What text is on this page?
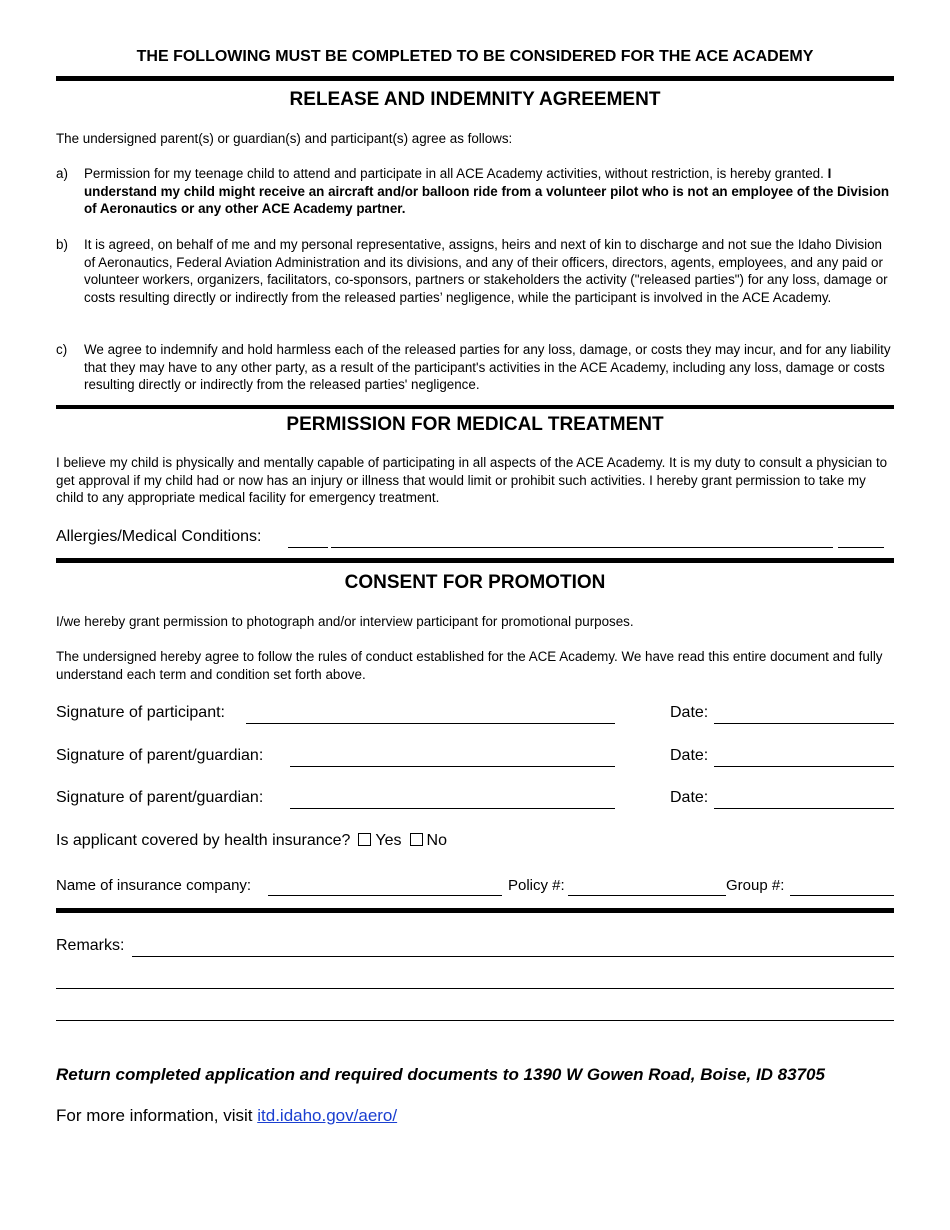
THE FOLLOWING MUST BE COMPLETED TO BE CONSIDERED FOR THE ACE ACADEMY
RELEASE AND INDEMNITY AGREEMENT
The undersigned parent(s) or guardian(s) and participant(s) agree as follows:
a)	Permission for my teenage child to attend and participate in all ACE Academy activities, without restriction, is hereby granted. I understand my child might receive an aircraft and/or balloon ride from a volunteer pilot who is not an employee of the Division of Aeronautics or any other ACE Academy partner.
b)	It is agreed, on behalf of me and my personal representative, assigns, heirs and next of kin to discharge and not sue the Idaho Division of Aeronautics, Federal Aviation Administration and its divisions, and any of their officers, directors, agents, employees, and any paid or volunteer workers, organizers, facilitators, co-sponsors, partners or stakeholders the activity ("released parties") for any loss, damage or costs resulting directly or indirectly from the released parties’ negligence, while the participant is involved in the ACE Academy.
c)	We agree to indemnify and hold harmless each of the released parties for any loss, damage, or costs they may incur, and for any liability that they may have to any other party, as a result of the participant's activities in the ACE Academy, including any loss, damage or costs resulting directly or indirectly from the released parties' negligence.
PERMISSION FOR MEDICAL TREATMENT
I believe my child is physically and mentally capable of participating in all aspects of the ACE Academy. It is my duty to consult a physician to get approval if my child had or now has an injury or illness that would limit or prohibit such activities. I hereby grant permission to take my child to any appropriate medical facility for emergency treatment.
Allergies/Medical Conditions:
CONSENT FOR PROMOTION
I/we hereby grant permission to photograph and/or interview participant for promotional purposes.
The undersigned hereby agree to follow the rules of conduct established for the ACE Academy. We have read this entire document and fully understand each term and condition set forth above.
Signature of participant:	Date:
Signature of parent/guardian:	Date:
Signature of parent/guardian:	Date:
Is applicant covered by health insurance? Yes No
Name of insurance company:	Policy #:	Group #:
Remarks:
Return completed application and required documents to 1390 W Gowen Road, Boise, ID 83705
For more information, visit itd.idaho.gov/aero/
